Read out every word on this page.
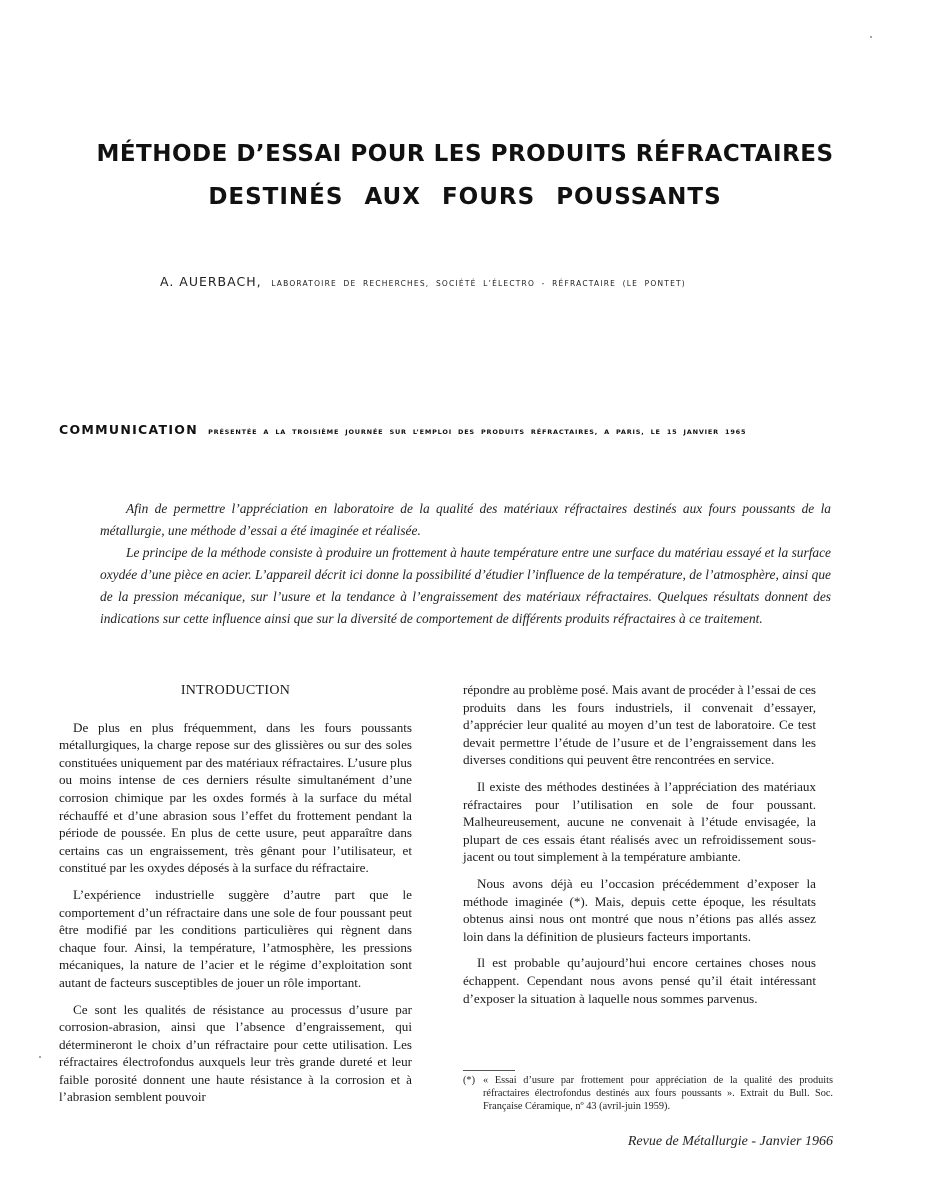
MÉTHODE D’ESSAI POUR LES PRODUITS RÉFRACTAIRES
DESTINÉS AUX FOURS POUSSANTS
A. AUERBACH, LABORATOIRE DE RECHERCHES, SOCIÉTÉ L’ÉLECTRO - RÉFRACTAIRE (LE PONTET)
COMMUNICATION PRÉSENTÉE A LA TROISIÈME JOURNÉE SUR L’EMPLOI DES PRODUITS RÉFRACTAIRES, A PARIS, LE 15 JANVIER 1965

Afin de permettre l’appréciation en laboratoire de la qualité des matériaux réfractaires destinés aux fours poussants de la métallurgie, une méthode d’essai a été imaginée et réalisée.

Le principe de la méthode consiste à produire un frottement à haute température entre une surface du matériau essayé et la surface oxydée d’une pièce en acier. L’appareil décrit ici donne la possibilité d’étudier l’influence de la température, de l’atmosphère, ainsi que de la pression mécanique, sur l’usure et la tendance à l’engraissement des matériaux réfractaires. Quelques résultats donnent des indications sur cette influence ainsi que sur la diversité de comportement de différents produits réfractaires à ce traitement.

INTRODUCTION

De plus en plus fréquemment, dans les fours poussants métallurgiques, la charge repose sur des glissières ou sur des soles constituées uniquement par des matériaux réfractaires. L’usure plus ou moins intense de ces derniers résulte simultanément d’une corrosion chimique par les oxdes formés à la surface du métal réchauffé et d’une abrasion sous l’effet du frottement pendant la période de poussée. En plus de cette usure, peut apparaître dans certains cas un engraissement, très gênant pour l’utilisateur, et constitué par les oxydes déposés à la surface du réfractaire.

L’expérience industrielle suggère d’autre part que le comportement d’un réfractaire dans une sole de four poussant peut être modifié par les conditions particulières qui règnent dans chaque four. Ainsi, la température, l’atmosphère, les pressions mécaniques, la nature de l’acier et le régime d’exploitation sont autant de facteurs susceptibles de jouer un rôle important.

Ce sont les qualités de résistance au processus d’usure par corrosion-abrasion, ainsi que l’absence d’engraissement, qui détermineront le choix d’un réfractaire pour cette utilisation. Les réfractaires électrofondus auxquels leur très grande dureté et leur faible porosité donnent une haute résistance à la corrosion et à l’abrasion semblent pouvoir

répondre au problème posé. Mais avant de procéder à l’essai de ces produits dans les fours industriels, il convenait d’essayer, d’apprécier leur qualité au moyen d’un test de laboratoire. Ce test devait permettre l’étude de l’usure et de l’engraissement dans les diverses conditions qui peuvent être rencontrées en service.

Il existe des méthodes destinées à l’appréciation des matériaux réfractaires pour l’utilisation en sole de four poussant. Malheureusement, aucune ne convenait à l’étude envisagée, la plupart de ces essais étant réalisés avec un refroidissement sous-jacent ou tout simplement à la température ambiante.

Nous avons déjà eu l’occasion précédemment d’exposer la méthode imaginée (*). Mais, depuis cette époque, les résultats obtenus ainsi nous ont montré que nous n’étions pas allés assez loin dans la définition de plusieurs facteurs importants.

Il est probable qu’aujourd’hui encore certaines choses nous échappent. Cependant nous avons pensé qu’il était intéressant d’exposer la situation à laquelle nous sommes parvenus.

(*) « Essai d’usure par frottement pour appréciation de la qualité des produits réfractaires électrofondus destinés aux fours poussants ». Extrait du Bull. Soc. Française Céramique, nº 43 (avril-juin 1959).
Revue de Métallurgie - Janvier 1966
